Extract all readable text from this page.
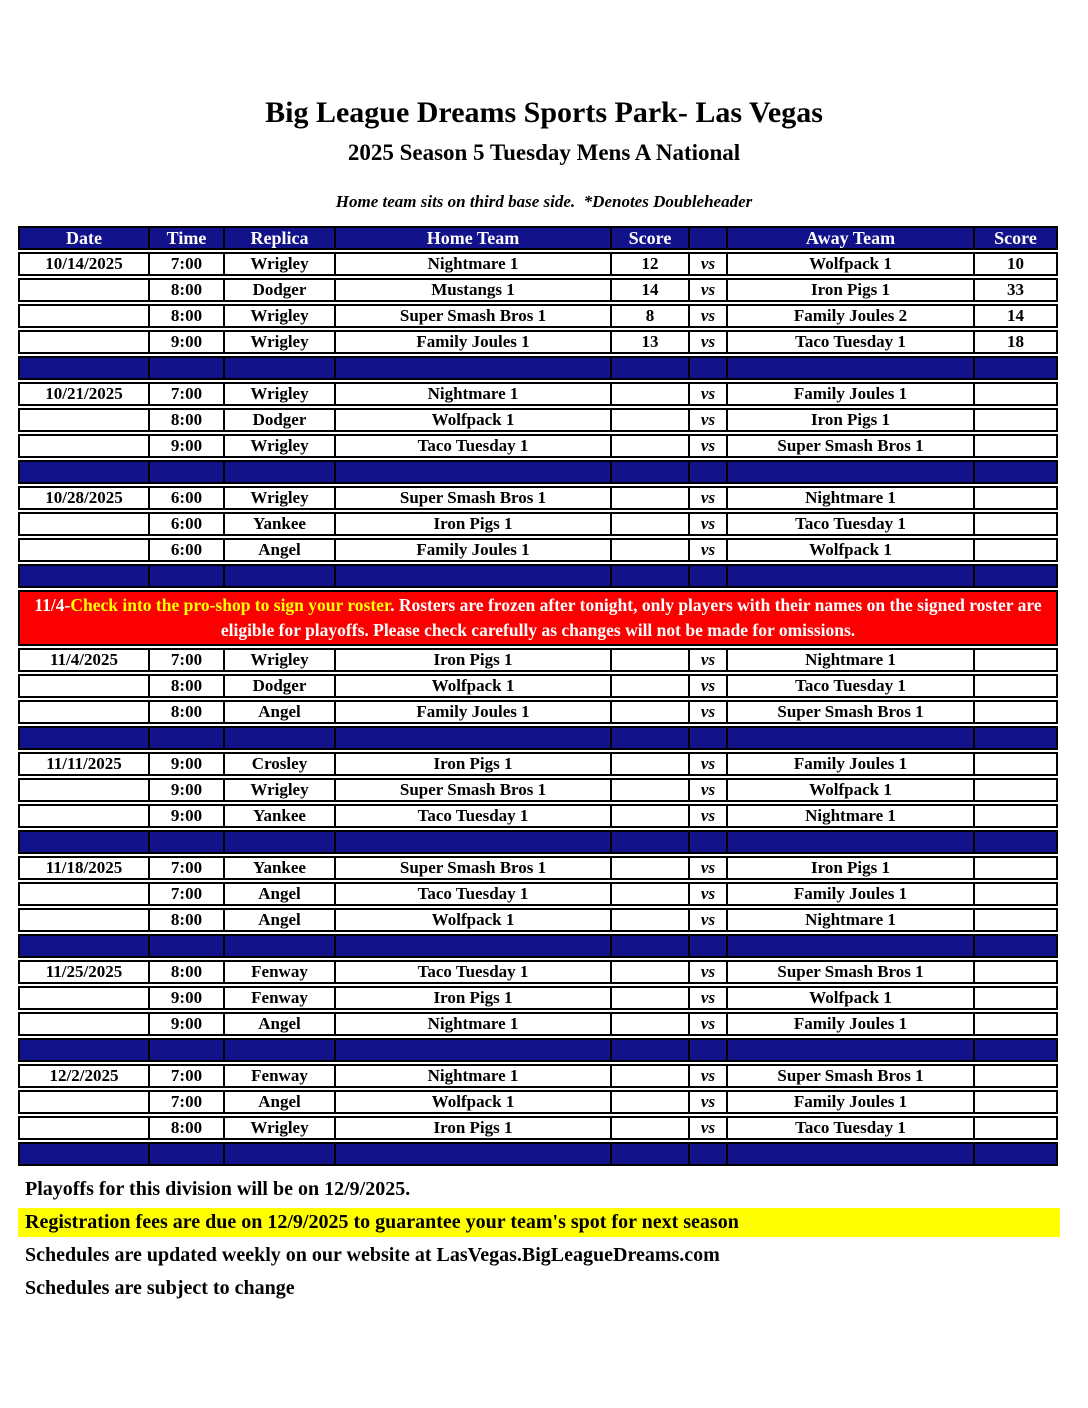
Big League Dreams Sports Park- Las Vegas
2025 Season 5 Tuesday Mens A National
Home team sits on third base side.  *Denotes Doubleheader
Date	Time	Replica	Home Team	Score		Away Team	Score
10/14/2025	7:00	Wrigley	Nightmare 1	12	vs	Wolfpack 1	10
	8:00	Dodger	Mustangs 1	14	vs	Iron Pigs 1	33
	8:00	Wrigley	Super Smash Bros 1	8	vs	Family Joules 2	14
	9:00	Wrigley	Family Joules 1	13	vs	Taco Tuesday 1	18

10/21/2025	7:00	Wrigley	Nightmare 1		vs	Family Joules 1	
	8:00	Dodger	Wolfpack 1		vs	Iron Pigs 1	
	9:00	Wrigley	Taco Tuesday 1		vs	Super Smash Bros 1	

10/28/2025	6:00	Wrigley	Super Smash Bros 1		vs	Nightmare 1	
	6:00	Yankee	Iron Pigs 1		vs	Taco Tuesday 1	
	6:00	Angel	Family Joules 1		vs	Wolfpack 1	

11/4-Check into the pro-shop to sign your roster. Rosters are frozen after tonight, only players with their names on the signed roster are eligible for playoffs. Please check carefully as changes will not be made for omissions.							
11/4/2025	7:00	Wrigley	Iron Pigs 1		vs	Nightmare 1	
	8:00	Dodger	Wolfpack 1		vs	Taco Tuesday 1	
	8:00	Angel	Family Joules 1		vs	Super Smash Bros 1	

11/11/2025	9:00	Crosley	Iron Pigs 1		vs	Family Joules 1	
	9:00	Wrigley	Super Smash Bros 1		vs	Wolfpack 1	
	9:00	Yankee	Taco Tuesday 1		vs	Nightmare 1	

11/18/2025	7:00	Yankee	Super Smash Bros 1		vs	Iron Pigs 1	
	7:00	Angel	Taco Tuesday 1		vs	Family Joules 1	
	8:00	Angel	Wolfpack 1		vs	Nightmare 1	

11/25/2025	8:00	Fenway	Taco Tuesday 1		vs	Super Smash Bros 1	
	9:00	Fenway	Iron Pigs 1		vs	Wolfpack 1	
	9:00	Angel	Nightmare 1		vs	Family Joules 1	

12/2/2025	7:00	Fenway	Nightmare 1		vs	Super Smash Bros 1	
	7:00	Angel	Wolfpack 1		vs	Family Joules 1	
	8:00	Wrigley	Iron Pigs 1		vs	Taco Tuesday 1	

Playoffs for this division will be on 12/9/2025.
Registration fees are due on 12/9/2025 to guarantee your team's spot for next season
Schedules are updated weekly on our website at LasVegas.BigLeagueDreams.com
Schedules are subject to change
